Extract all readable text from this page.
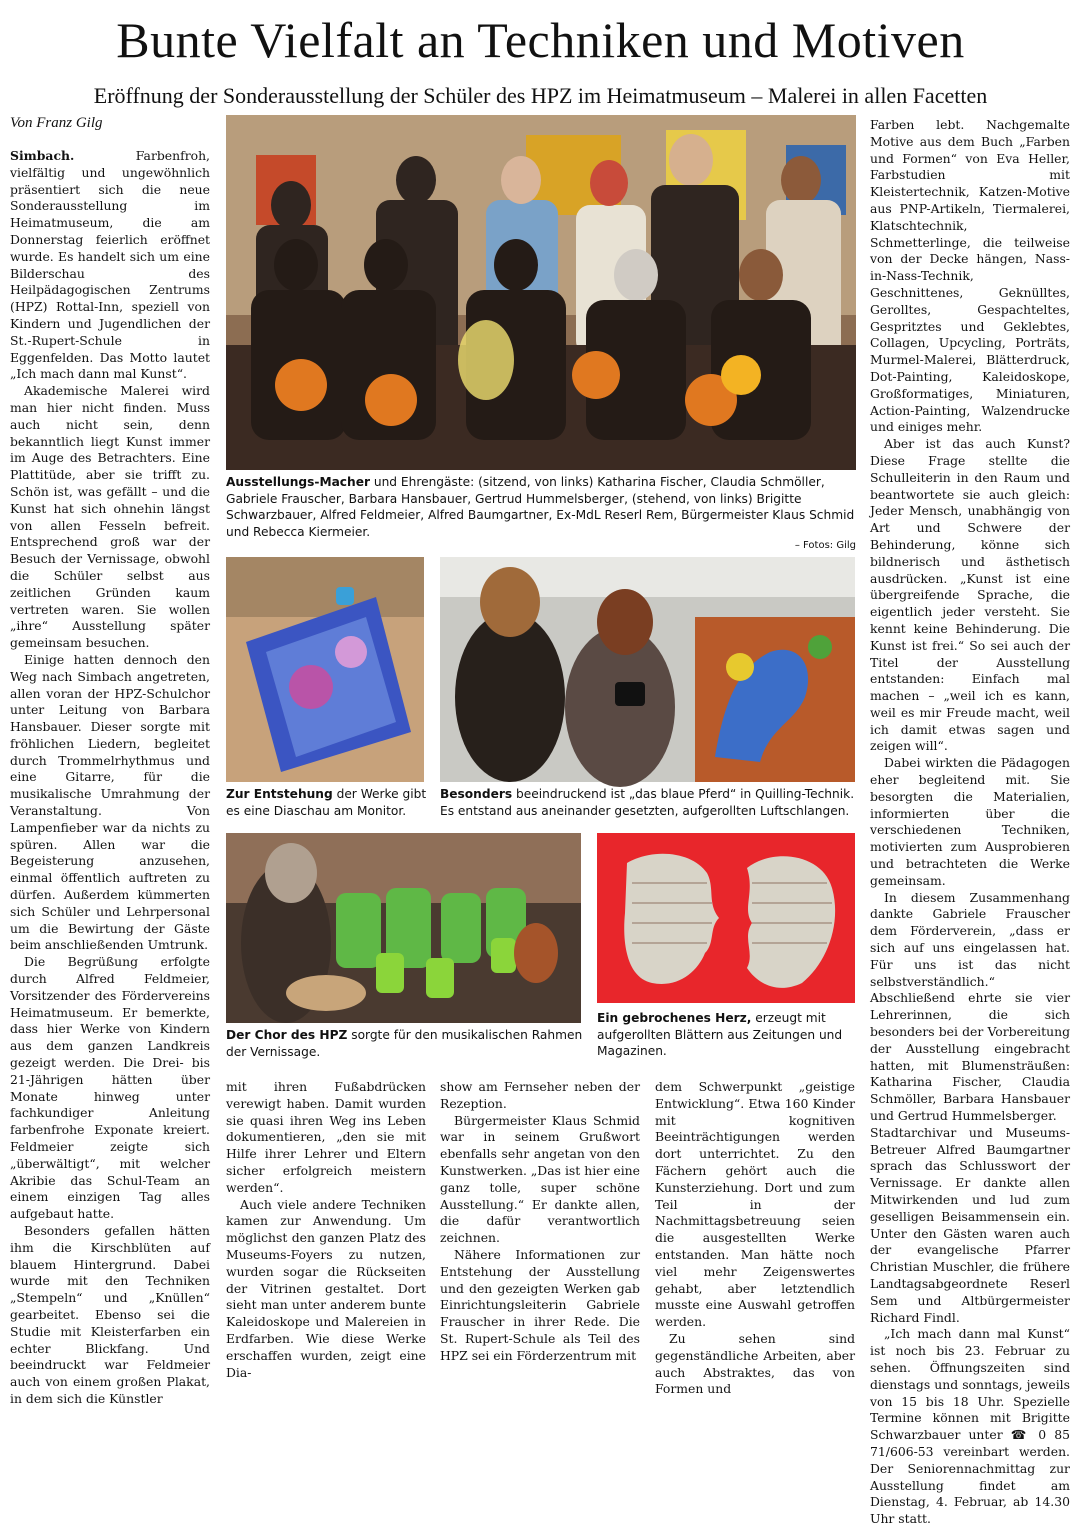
Bunte Vielfalt an Techniken und Motiven
Eröffnung der Sonderausstellung der Schüler des HPZ im Heimatmuseum – Malerei in allen Facetten
Von Franz Gilg

Simbach.	Farbenfroh, vielfältig und ungewöhnlich präsentiert sich die neue Sonderausstellung im Heimatmuseum, die am Donnerstag feierlich eröffnet wurde. Es handelt sich um eine Bilderschau des Heilpädagogischen Zentrums (HPZ) Rottal-Inn, speziell von Kindern und Jugendlichen der St.-Rupert-Schule in Eggenfelden. Das Motto lautet „Ich mach dann mal Kunst“.

Akademische Malerei wird man hier nicht finden. Muss auch nicht sein, denn bekanntlich liegt Kunst immer im Auge des Betrachters. Eine Plattitüde, aber sie trifft zu. Schön ist, was gefällt – und die Kunst hat sich ohnehin längst von allen Fesseln befreit. Entsprechend groß war der Besuch der Vernissage, obwohl die Schüler selbst aus zeitlichen Gründen kaum vertreten waren. Sie wollen „ihre“ Ausstellung später gemeinsam besuchen.

Einige hatten dennoch den Weg nach Simbach angetreten, allen voran der HPZ-Schulchor unter Leitung von Barbara Hansbauer. Dieser sorgte mit fröhlichen Liedern, begleitet durch Trommelrhythmus und eine Gitarre, für die musikalische Umrahmung der Veranstaltung. Von Lampenfieber war da nichts zu spüren. Allen war die Begeisterung anzusehen, einmal öffentlich auftreten zu dürfen. Außerdem kümmerten sich Schüler und Lehrpersonal um die Bewirtung der Gäste beim anschließenden Umtrunk.

Die Begrüßung erfolgte durch Alfred Feldmeier, Vorsitzender des Fördervereins Heimatmuseum. Er bemerkte, dass hier Werke von Kindern aus dem ganzen Landkreis gezeigt werden. Die Drei- bis 21-Jährigen hätten über Monate hinweg unter fachkundiger Anleitung farbenfrohe Exponate kreiert. Feldmeier zeigte sich „überwältigt“, mit welcher Akribie das Schul-Team an einem einzigen Tag alles aufgebaut hatte.

Besonders gefallen hätten ihm die Kirschblüten auf blauem Hintergrund. Dabei wurde mit den Techniken „Stempeln“ und „Knüllen“ gearbeitet. Ebenso sei die Studie mit Kleisterfarben ein echter Blickfang. Und beeindruckt war Feldmeier auch von einem großen Plakat, in dem sich die Künstler

Ausstellungs-Macher und Ehrengäste: (sitzend, von links) Katharina Fischer, Claudia Schmöller, Gabriele Frauscher, Barbara Hansbauer, Gertrud Hummelsberger, (stehend, von links) Brigitte Schwarzbauer, Alfred Feldmeier, Alfred Baumgartner, Ex-MdL Reserl Rem, Bürgermeister Klaus Schmid und Rebecca Kiermeier.
– Fotos: Gilg
Zur Entstehung der Werke gibt es eine Diaschau am Monitor.
Besonders beeindruckend ist „das blaue Pferd“ in Quilling-Technik. Es entstand aus aneinander gesetzten, aufgerollten Luftschlangen.
Der Chor des HPZ sorgte für den musikalischen Rahmen der Vernissage.
Ein gebrochenes Herz, erzeugt mit aufgerollten Blättern aus Zeitungen und Magazinen.

mit ihren Fußabdrücken verewigt haben. Damit wurden sie quasi ihren Weg ins Leben dokumentieren, „den sie mit Hilfe ihrer Lehrer und Eltern sicher erfolgreich meistern werden“.

Auch viele andere Techniken kamen zur Anwendung. Um möglichst den ganzen Platz des Museums-Foyers zu nutzen, wurden sogar die Rückseiten der Vitrinen gestaltet. Dort sieht man unter anderem bunte Kaleidoskope und Malereien in Erdfarben. Wie diese Werke erschaffen wurden, zeigt eine Dia-

show am Fernseher neben der Rezeption.

Bürgermeister Klaus Schmid war in seinem Grußwort ebenfalls sehr angetan von den Kunstwerken. „Das ist hier eine ganz tolle, super schöne Ausstellung.“ Er dankte allen, die dafür verantwortlich zeichnen.

Nähere Informationen zur Entstehung der Ausstellung und den gezeigten Werken gab Einrichtungsleiterin Gabriele Frauscher in ihrer Rede. Die St. Rupert-Schule als Teil des HPZ sei ein Förderzentrum mit

dem Schwerpunkt „geistige Entwicklung“. Etwa 160 Kinder mit kognitiven Beeinträchtigungen werden dort unterrichtet. Zu den Fächern gehört auch die Kunsterziehung. Dort und zum Teil in der Nachmittagsbetreuung seien die ausgestellten Werke entstanden. Man hätte noch viel mehr Zeigenswertes gehabt, aber letztendlich musste eine Auswahl getroffen werden.

Zu sehen sind gegenständliche Arbeiten, aber auch Abstraktes, das von Formen und

Farben lebt. Nachgemalte Motive aus dem Buch „Farben und Formen“ von Eva Heller, Farbstudien mit Kleistertechnik, Katzen-Motive aus PNP-Artikeln, Tiermalerei, Klatschtechnik, Schmetterlinge, die teilweise von der Decke hängen, Nass-in-Nass-Technik, Geschnittenes, Geknülltes, Gerolltes, Gespachteltes, Gespritztes und Geklebtes, Collagen, Upcycling, Porträts, Murmel-Malerei, Blätterdruck, Dot-Painting, Kaleidoskope, Großformatiges, Miniaturen, Action-Painting, Walzendrucke und einiges mehr.

Aber ist das auch Kunst? Diese Frage stellte die Schulleiterin in den Raum und beantwortete sie auch gleich: Jeder Mensch, unabhängig von Art und Schwere der Behinderung, könne sich bildnerisch und ästhetisch ausdrücken. „Kunst ist eine übergreifende Sprache, die eigentlich jeder versteht. Sie kennt keine Behinderung. Die Kunst ist frei.“ So sei auch der Titel der Ausstellung entstanden: Einfach mal machen – „weil ich es kann, weil es mir Freude macht, weil ich damit etwas sagen und zeigen will“.

Dabei wirkten die Pädagogen eher begleitend mit. Sie besorgten die Materialien, informierten über die verschiedenen Techniken, motivierten zum Ausprobieren und betrachteten die Werke gemeinsam.

In diesem Zusammenhang dankte Gabriele Frauscher dem Förderverein, „dass er sich auf uns eingelassen hat. Für uns ist das nicht selbstverständlich.“ Abschließend ehrte sie vier Lehrerinnen, die sich besonders bei der Vorbereitung der Ausstellung eingebracht hatten, mit Blumensträußen: Katharina Fischer, Claudia Schmöller, Barbara Hansbauer und Gertrud Hummelsberger.

Stadtarchivar und Museums-Betreuer Alfred Baumgartner sprach das Schlusswort der Vernissage. Er dankte allen Mitwirkenden und lud zum geselligen Beisammensein ein. Unter den Gästen waren auch der evangelische Pfarrer Christian Muschler, die frühere Landtagsabgeordnete Reserl Sem und Altbürgermeister Richard Findl.

„Ich mach dann mal Kunst“ ist noch bis 23. Februar zu sehen. Öffnungszeiten sind dienstags und sonntags, jeweils von 15 bis 18 Uhr. Spezielle Termine können mit Brigitte Schwarzbauer unter ☎ 0 85 71/606-53 vereinbart werden. Der Seniorennachmittag zur Ausstellung findet am Dienstag, 4. Februar, ab 14.30 Uhr statt.
